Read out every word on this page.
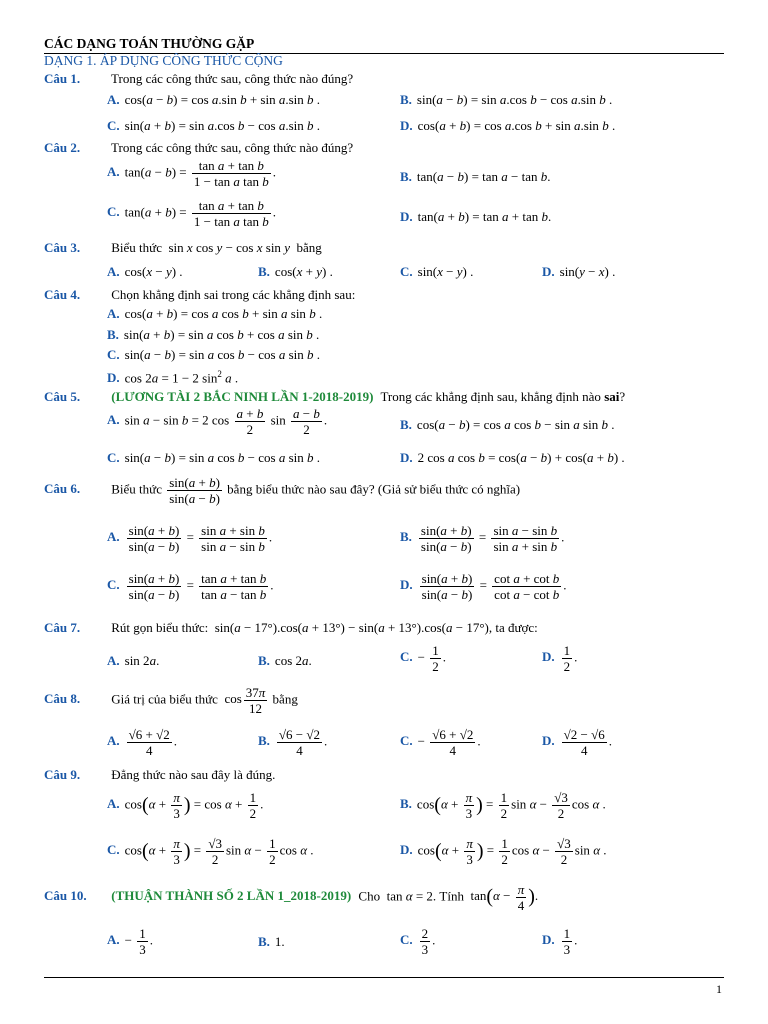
CÁC DẠNG TOÁN THƯỜNG GẶP
DẠNG 1. ÁP DỤNG CÔNG THỨC CỘNG
Câu 1. Trong các công thức sau, công thức nào đúng?
A. cos(a − b) = cos a.sin b + sin a.sin b .	B. sin(a − b) = sin a.cos b − cos a.sin b .
C. sin(a + b) = sin a.cos b − cos a.sin b .	D. cos(a + b) = cos a.cos b + sin a.sin b .
Câu 2. Trong các công thức sau, công thức nào đúng?
A. $\tan(a - b) = \frac{\text{tan a + tan b}}{\text{1 − tan a tan b}}$ .	B. tan(a − b) = tan a − tan b.
C. $\tan(a + b) = \frac{\text{tan a + tan b}}{\text{1 − tan a tan b}}$ .	D. tan(a + b) = tan a + tan b.
Câu 3. Biểu thức  sin x cos y − cos x sin y bằng
A. cos(x − y) .	B. cos(x + y) .	C. sin(x − y) .	D. sin(y − x) .
Câu 4. Chọn khẳng định sai trong các khẳng định sau:
A. cos(a + b) = cos a cos b + sin a sin b .
B. sin(a + b) = sin a cos b + cos a sin b .
C. sin(a − b) = sin a cos b − cos a sin b .
D. cos 2a = 1 − 2 $\sin^2 a$ .
Câu 5. (LƯƠNG TÀI 2 BẮC NINH LẦN 1-2018-2019) Trong các khẳng định sau, khẳng định nào sai?
A. sin a − sin b = 2 $\cos \frac{a + b}{2}$ $\sin \frac{a - b}{2}$ .	B. cos(a − b) = cos a cos b − sin a sin b .
C. sin(a − b) = sin a cos b − cos a sin b .	D. 2 cos a cos b = cos(a − b) + cos(a + b) .
Câu 6. Biểu thức $\frac{\sin(a + b)}{\sin(a - b)}$ bằng biểu thức nào sau đây? (Giả sử biểu thức có nghĩa)
A. $\frac{\sin(a + b)}{\sin(a - b)} = \frac{\text{sin a + sin b}}{\text{sin a − sin b}}$ .	B. $\frac{\sin(a + b)}{\sin(a - b)} = \frac{\text{sin a − sin b}}{\text{sin a + sin b}}$ .
C. $\frac{\sin(a + b)}{\sin(a - b)} = \frac{\text{tan a + tan b}}{\text{tan a − tan b}}$ .	D. $\frac{\sin(a + b)}{\sin(a - b)} = \frac{\text{cot a + cot b}}{\text{cot a − cot b}}$ .
Câu 7. Rút gọn biểu thức:  sin(a − 17°).cos(a + 13°) − sin(a + 13°).cos(a − 17°), ta được:
A. sin 2a.	B. cos 2a.	C. − $\frac{1}{2}$ .	D. $\frac{1}{2}$ .
Câu 8. Giá trị của biểu thức  $\cos \frac{37\pi}{12}$ bằng
A. $\frac{√6 + √2}{4}$ .	B. $\frac{√6 - √2}{4}$ .	C. − $\frac{√6 + √2}{4}$ .	D. $\frac{√2 - √6}{4}$ .
Câu 9. Đẳng thức nào sau đây là đúng.
A. $\cos(\alpha + \frac{\pi}{3}$ ) = $\cos \alpha + \frac{1}{2}$ .	B. $\cos(\alpha + \frac{\pi}{3}$ ) = $\frac{1}{2}$ $\sin \alpha - \frac{√3}{2}$ cos α .
C. $\cos(\alpha + \frac{\pi}{3}$ ) = $\frac{√3}{2}$ $\sin \alpha - \frac{1}{2}$ cos α .	D. $\cos(\alpha + \frac{\pi}{3}$ ) = $\frac{1}{2}$ $\cos \alpha - \frac{√3}{2}$ sin α .
Câu 10. (THUẬN THÀNH SỐ 2 LẦN 1_2018-2019) Cho  tan α = 2. Tính  $\tan(\alpha - \frac{\pi}{4}$ ).
A. − $\frac{1}{3}$ .	B. 1.	C. $\frac{2}{3}$ .	D. $\frac{1}{3}$ .
1
